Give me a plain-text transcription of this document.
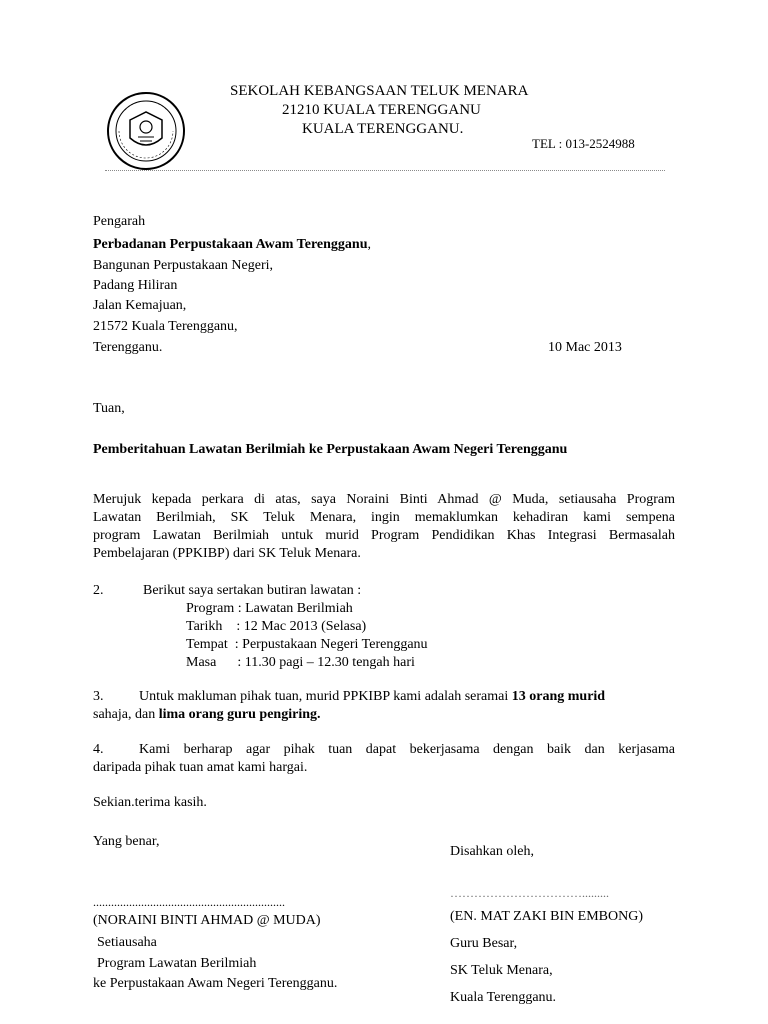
SEKOLAH KEBANGSAAN TELUK MENARA
21210 KUALA TERENGGANU
KUALA TERENGGANU.
TEL : 013-2524988
Pengarah
Perbadanan Perpustakaan Awam Terengganu,
Bangunan Perpustakaan Negeri,
Padang Hiliran
Jalan Kemajuan,
21572 Kuala Terengganu,
Terengganu.	10 Mac 2013
Tuan,
Pemberitahuan Lawatan Berilmiah ke Perpustakaan Awam Negeri Terengganu
Merujuk kepada perkara di atas, saya Noraini Binti Ahmad @ Muda, setiausaha Program
Lawatan Berilmiah, SK Teluk Menara, ingin memaklumkan kehadiran kami sempena
program Lawatan Berilmiah untuk murid Program Pendidikan Khas Integrasi Bermasalah
Pembelajaran (PPKIBP) dari SK Teluk Menara.
2.	Berikut saya sertakan butiran lawatan :
Program : Lawatan Berilmiah
Tarikh    : 12 Mac 2013 (Selasa)
Tempat  : Perpustakaan Negeri Terengganu
Masa      : 11.30 pagi – 12.30 tengah hari
3.	Untuk makluman pihak tuan, murid PPKIBP kami adalah seramai 13 orang murid
sahaja, dan lima orang guru pengiring.
4.	Kami berharap agar pihak tuan dapat bekerjasama dengan baik dan kerjasama
daripada pihak tuan amat kami hargai.
Sekian.terima kasih.
Yang benar,
................................................................
(NORAINI BINTI AHMAD @ MUDA)
Setiausaha
Program Lawatan Berilmiah
ke Perpustakaan Awam Negeri Terengganu.
Disahkan oleh,
…………………………….........
(EN. MAT ZAKI BIN EMBONG)
Guru Besar,
SK Teluk Menara,
Kuala Terengganu.
